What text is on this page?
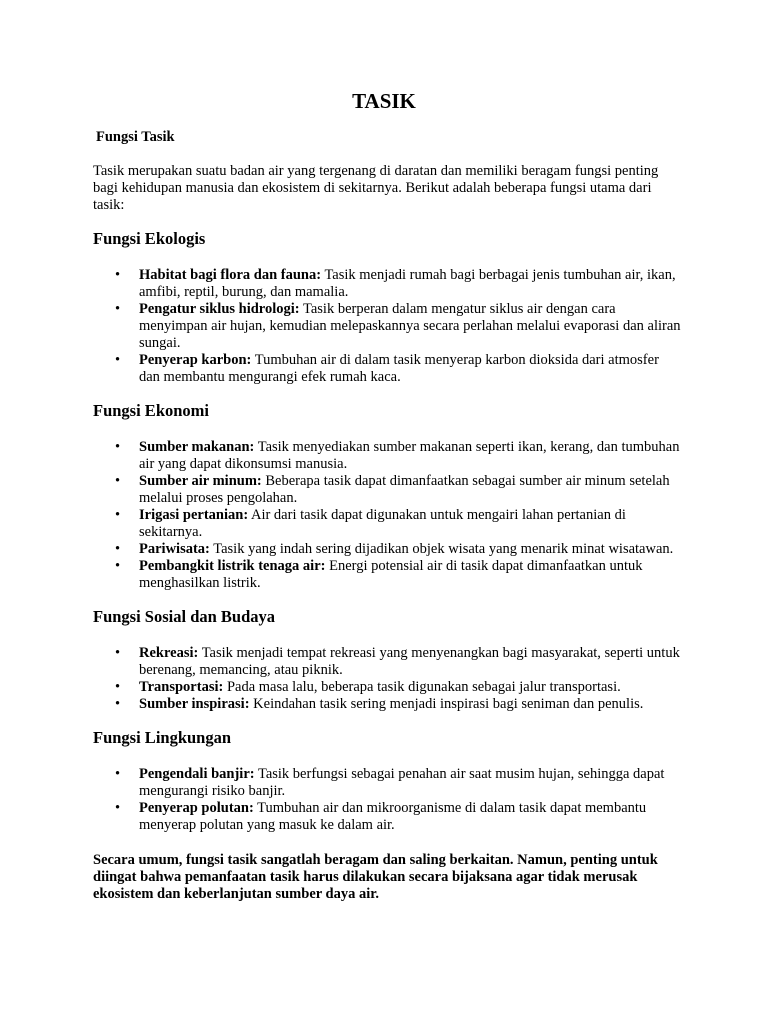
TASIK
Fungsi Tasik

Tasik merupakan suatu badan air yang tergenang di daratan dan memiliki beragam fungsi penting bagi kehidupan manusia dan ekosistem di sekitarnya. Berikut adalah beberapa fungsi utama dari tasik:

Fungsi Ekologis
• Habitat bagi flora dan fauna: Tasik menjadi rumah bagi berbagai jenis tumbuhan air, ikan, amfibi, reptil, burung, dan mamalia.
• Pengatur siklus hidrologi: Tasik berperan dalam mengatur siklus air dengan cara menyimpan air hujan, kemudian melepaskannya secara perlahan melalui evaporasi dan aliran sungai.
• Penyerap karbon: Tumbuhan air di dalam tasik menyerap karbon dioksida dari atmosfer dan membantu mengurangi efek rumah kaca.
Fungsi Ekonomi
• Sumber makanan: Tasik menyediakan sumber makanan seperti ikan, kerang, dan tumbuhan air yang dapat dikonsumsi manusia.
• Sumber air minum: Beberapa tasik dapat dimanfaatkan sebagai sumber air minum setelah melalui proses pengolahan.
• Irigasi pertanian: Air dari tasik dapat digunakan untuk mengairi lahan pertanian di sekitarnya.
• Pariwisata: Tasik yang indah sering dijadikan objek wisata yang menarik minat wisatawan.
• Pembangkit listrik tenaga air: Energi potensial air di tasik dapat dimanfaatkan untuk menghasilkan listrik.
Fungsi Sosial dan Budaya
• Rekreasi: Tasik menjadi tempat rekreasi yang menyenangkan bagi masyarakat, seperti untuk berenang, memancing, atau piknik.
• Transportasi: Pada masa lalu, beberapa tasik digunakan sebagai jalur transportasi.
• Sumber inspirasi: Keindahan tasik sering menjadi inspirasi bagi seniman dan penulis.
Fungsi Lingkungan
• Pengendali banjir: Tasik berfungsi sebagai penahan air saat musim hujan, sehingga dapat mengurangi risiko banjir.
• Penyerap polutan: Tumbuhan air dan mikroorganisme di dalam tasik dapat membantu menyerap polutan yang masuk ke dalam air.

Secara umum, fungsi tasik sangatlah beragam dan saling berkaitan. Namun, penting untuk diingat bahwa pemanfaatan tasik harus dilakukan secara bijaksana agar tidak merusak ekosistem dan keberlanjutan sumber daya air.
